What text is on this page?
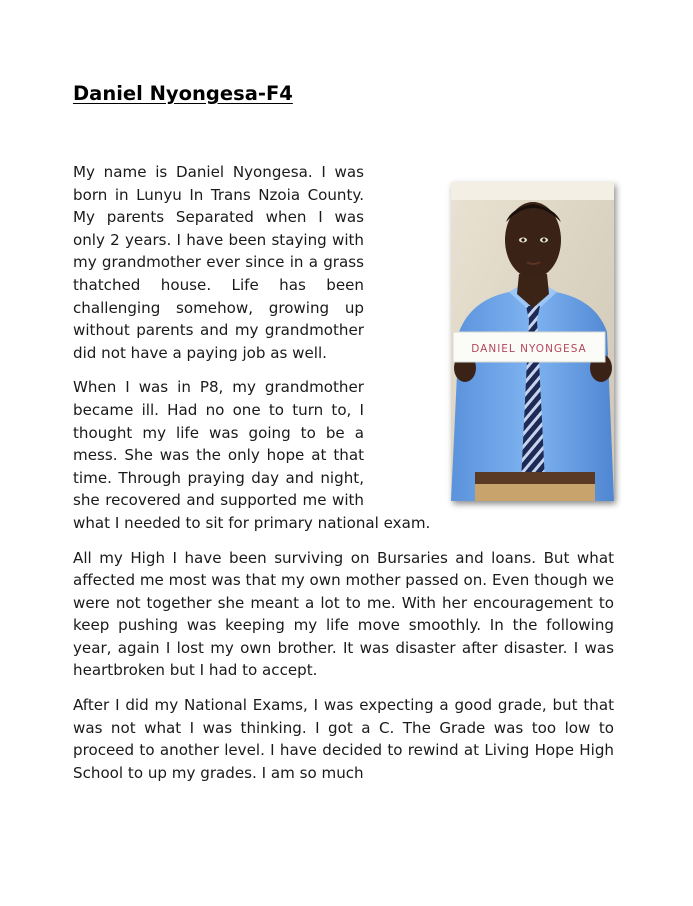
Daniel Nyongesa-F4
DANIEL NYONGESA

My name is Daniel Nyongesa. I was born in Lunyu In Trans Nzoia County. My parents Separated when I was only 2 years. I have been staying with my grandmother ever since in a grass thatched house. Life has been challenging somehow, growing up without parents and my grandmother did not have a paying job as well.

When I was in P8, my grandmother became ill. Had no one to turn to, I thought my life was going to be a mess. She was the only hope at that time. Through praying day and night, she recovered and supported me with what I needed to sit for primary national exam.

All my High I have been surviving on Bursaries and loans. But what affected me most was that my own mother passed on. Even though we were not together she meant a lot to me. With her encouragement to keep pushing was keeping my life move smoothly. In the following year, again I lost my own brother. It was disaster after disaster. I was heartbroken but I had to accept.

After I did my National Exams, I was expecting a good grade, but that was not what I was thinking. I got a C. The Grade was too low to proceed to another level. I have decided to rewind at Living Hope High School to up my grades. I am so much
